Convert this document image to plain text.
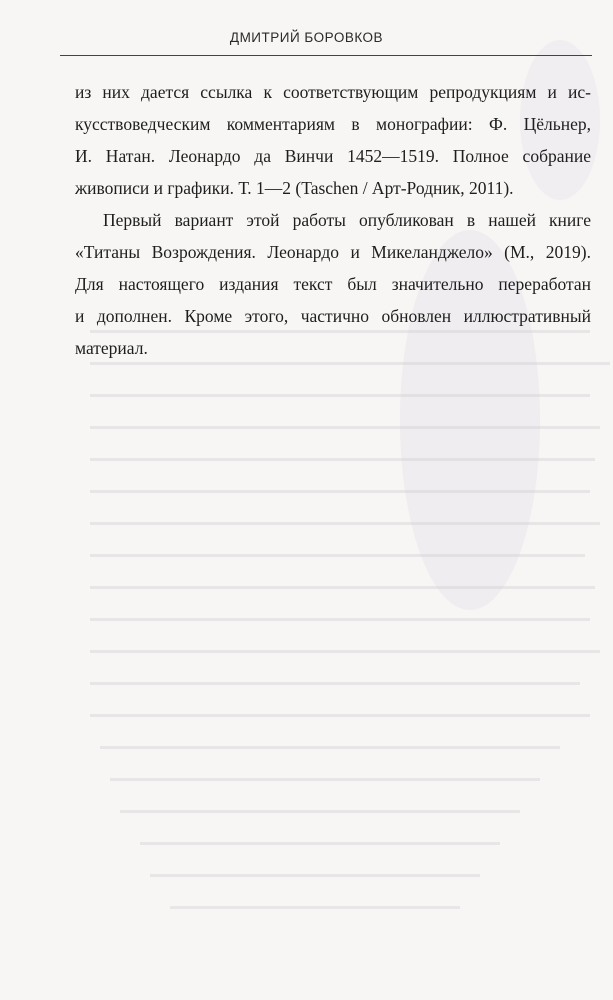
ДМИТРИЙ БОРОВКОВ

из них дается ссылка к соответствующим репродукциям и ис-
кусствоведческим комментариям в монографии: Ф. Цёльнер,
И. Натан. Леонардо да Винчи 1452—1519. Полное собрание
живописи и графики. Т. 1—2 (Taschen / Арт-Родник, 2011).

Первый вариант этой работы опубликован в нашей книге
«Титаны Возрождения. Леонардо и Микеланджело» (М., 2019).
Для настоящего издания текст был значительно переработан
и дополнен. Кроме этого, частично обновлен иллюстративный
материал.
